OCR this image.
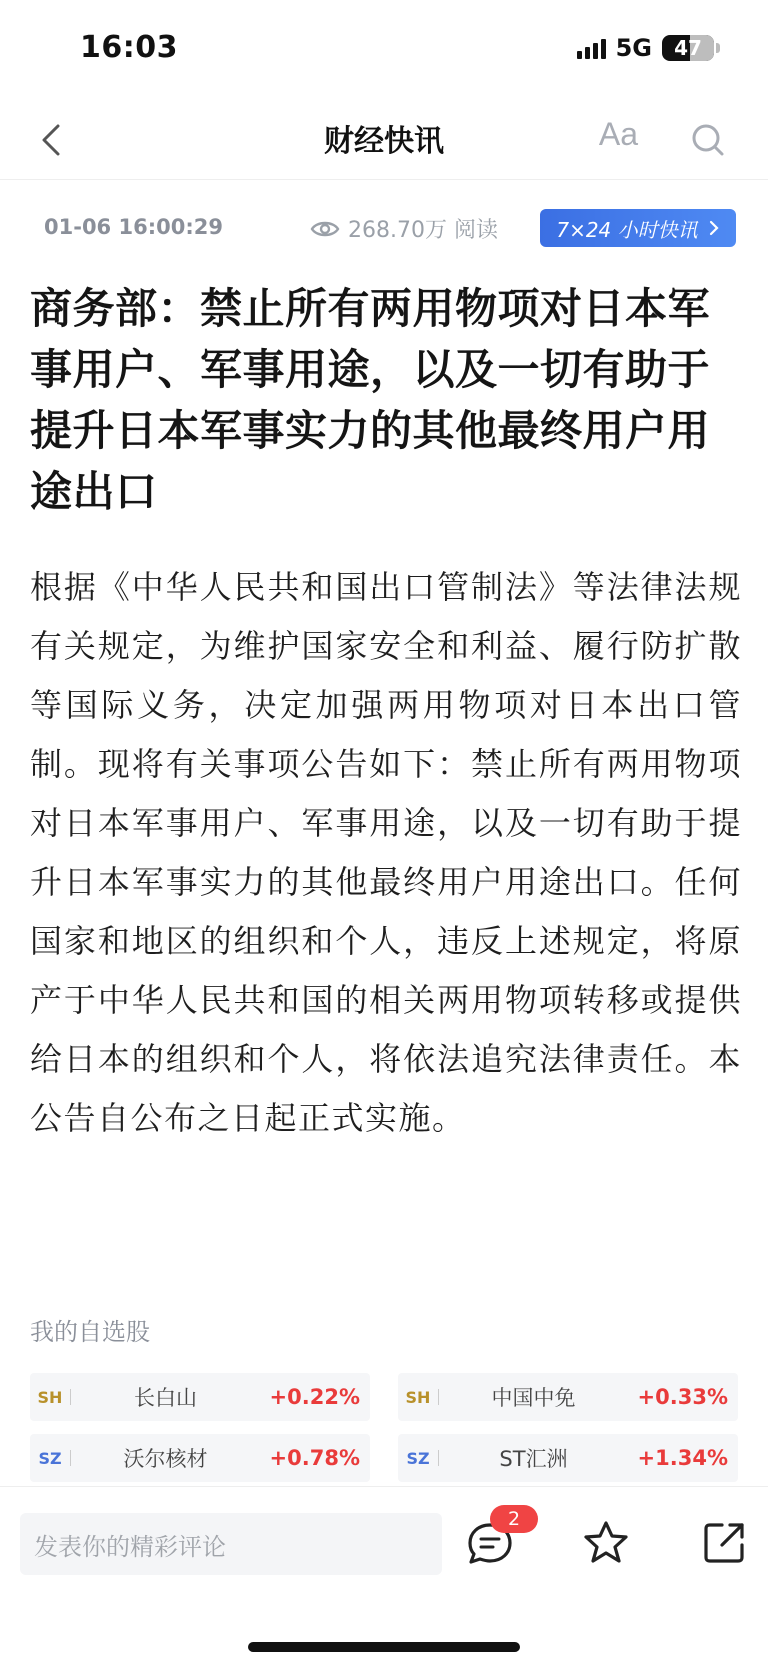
16:03	5G 47
财经快讯	Aa
01-06 16:00:29	268.70万 阅读	7×24 小时快讯
商务部：禁止所有两用物项对日本军事用户、军事用途，以及一切有助于提升日本军事实力的其他最终用户用途出口
根据《中华人民共和国出口管制法》等法律法规有关规定，为维护国家安全和利益、履行防扩散等国际义务，决定加强两用物项对日本出口管制。现将有关事项公告如下：禁止所有两用物项对日本军事用户、军事用途，以及一切有助于提升日本军事实力的其他最终用户用途出口。任何国家和地区的组织和个人，违反上述规定，将原产于中华人民共和国的相关两用物项转移或提供给日本的组织和个人，将依法追究法律责任。本公告自公布之日起正式实施。
我的自选股
SH	长白山	+0.22%	SH	中国中免	+0.33%
SZ	沃尔核材	+0.78%	SZ	ST汇洲	+1.34%
发表你的精彩评论
2
